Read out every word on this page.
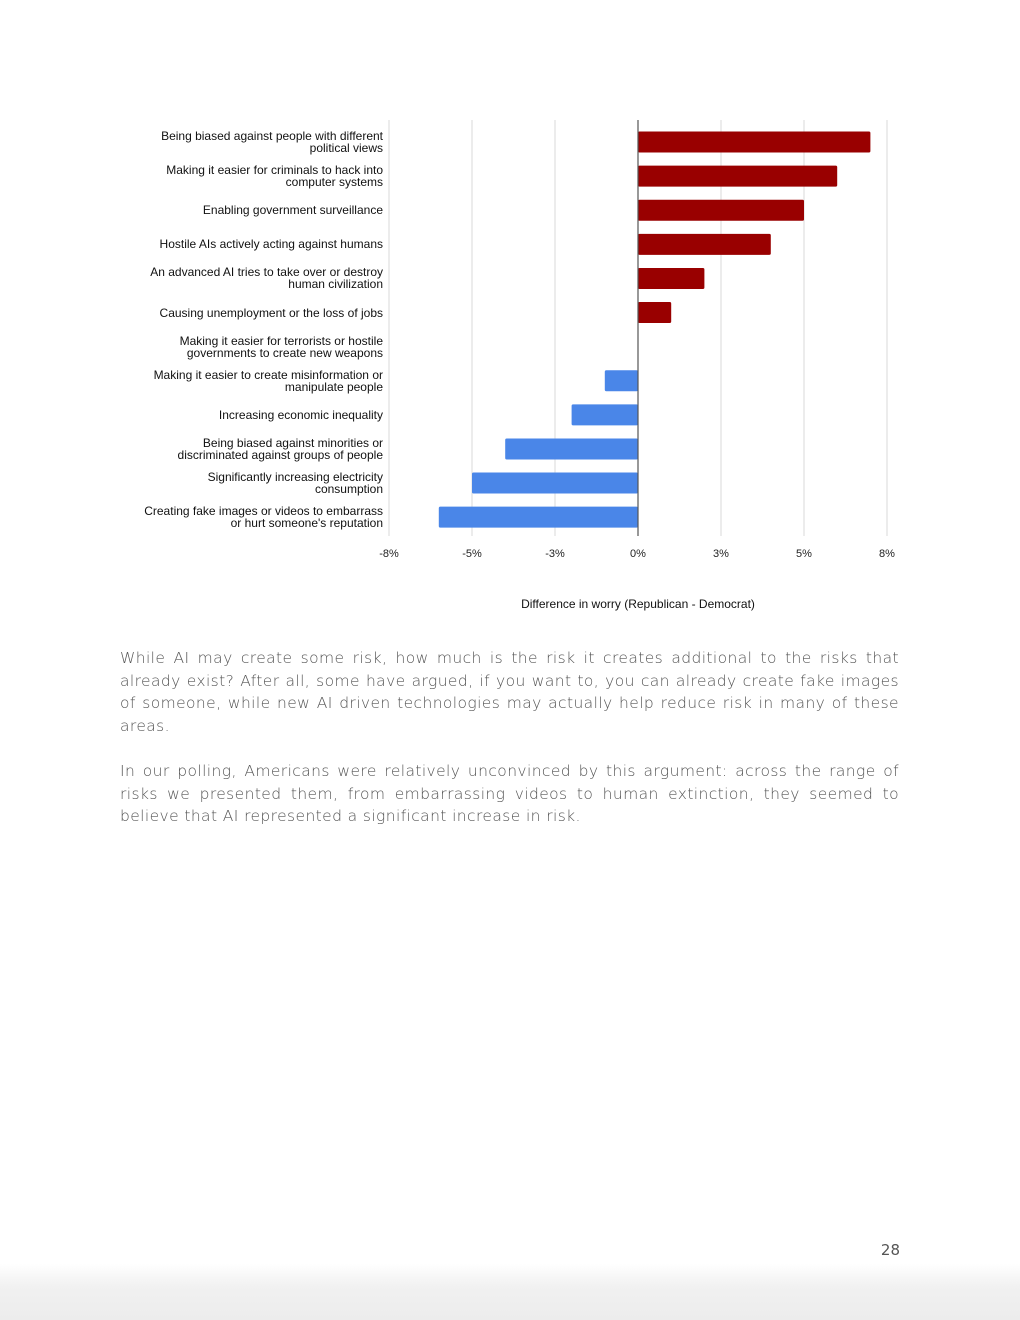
Being biased against people with different
political views
Making it easier for criminals to hack into
computer systems
Enabling government surveillance
Hostile AIs actively acting against humans
An advanced AI tries to take over or destroy
human civilization
Causing unemployment or the loss of jobs
Making it easier for terrorists or hostile
governments to create new weapons
Making it easier to create misinformation or
manipulate people
Increasing economic inequality
Being biased against minorities or
discriminated against groups of people
Significantly increasing electricity
consumption
Creating fake images or videos to embarrass
or hurt someone's reputation
-8%	-5%	-3%	0%	3%	5%	8%
Difference in worry (Republican - Democrat)

While AI may create some risk, how much is the risk it creates additional to the risks that already exist? After all, some have argued, if you want to, you can already create fake images of someone, while new AI driven technologies may actually help reduce risk in many of these areas.

In our polling, Americans were relatively unconvinced by this argument: across the range of risks we presented them, from embarrassing videos to human extinction, they seemed to believe that AI represented a significant increase in risk.

28
